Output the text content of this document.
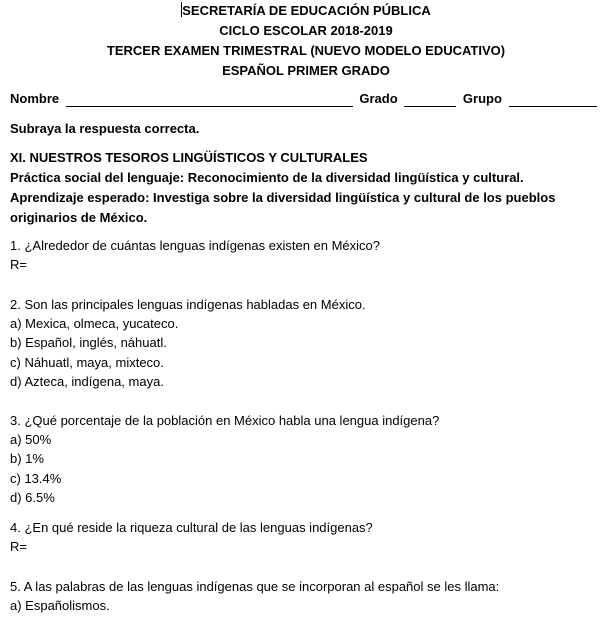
SECRETARÍA DE EDUCACIÓN PÚBLICA
CICLO ESCOLAR 2018-2019
TERCER EXAMEN TRIMESTRAL (NUEVO MODELO EDUCATIVO)
ESPAÑOL PRIMER GRADO
Nombre	Grado	Grupo
Subraya la respuesta correcta.
XI. NUESTROS TESOROS LINGÜÍSTICOS Y CULTURALES
Práctica social del lenguaje: Reconocimiento de la diversidad lingüística y cultural.
Aprendizaje esperado: Investiga sobre la diversidad lingüística y cultural de los pueblos
originarios de México.
1. ¿Alrededor de cuántas lenguas indígenas existen en México?
R=
2. Son las principales lenguas indígenas habladas en México.
a) Mexica, olmeca, yucateco.
b) Español, inglés, náhuatl.
c) Náhuatl, maya, mixteco.
d) Azteca, indígena, maya.
3. ¿Qué porcentaje de la población en México habla una lengua indígena?
a) 50%
b) 1%
c) 13.4%
d) 6.5%
4. ¿En qué reside la riqueza cultural de las lenguas indígenas?
R=
5. A las palabras de las lenguas indígenas que se incorporan al español se les llama:
a) Españolismos.
